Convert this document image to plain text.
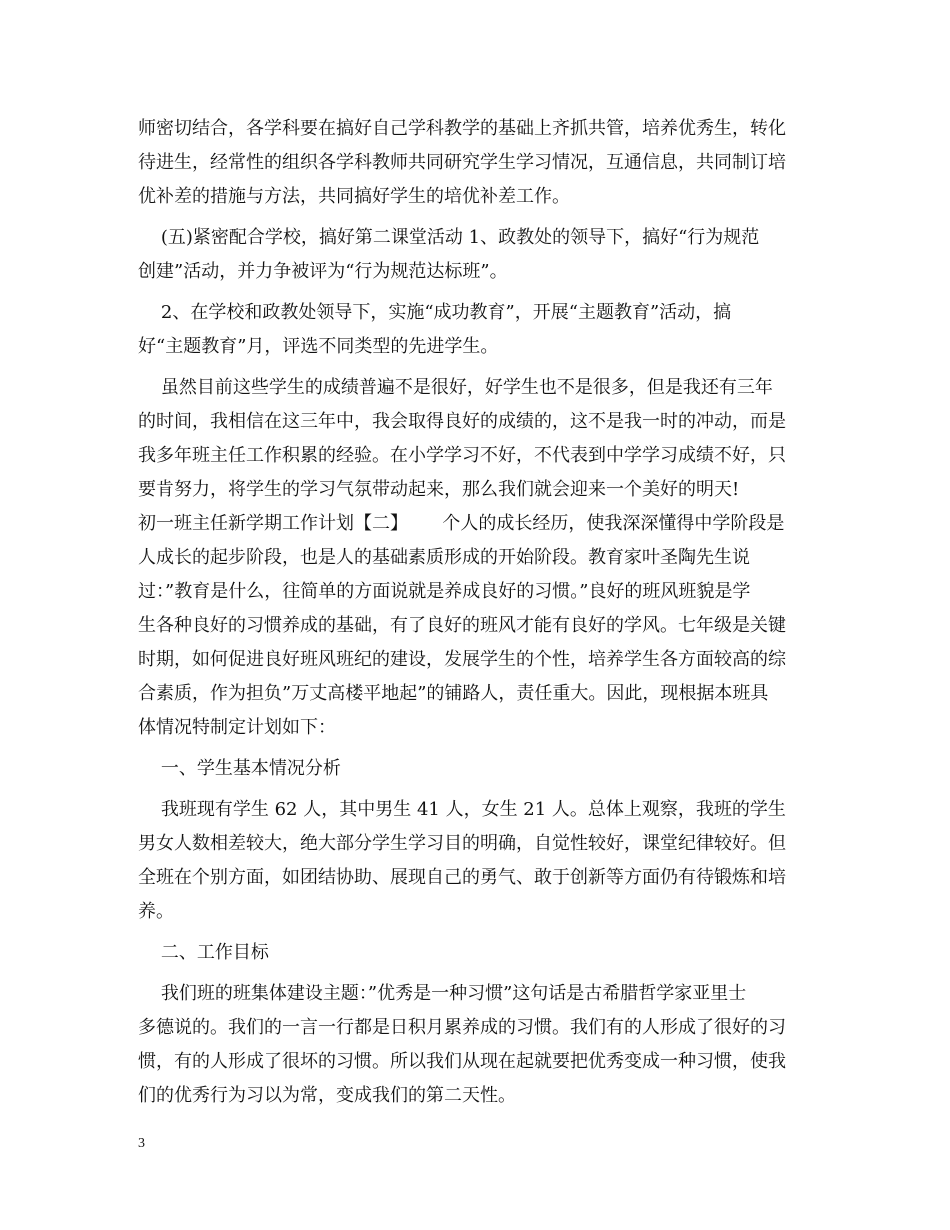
师密切结合，各学科要在搞好自己学科教学的基础上齐抓共管，培养优秀生，转化

待进生，经常性的组织各学科教师共同研究学生学习情况，互通信息，共同制订培

优补差的措施与方法，共同搞好学生的培优补差工作。

(五)紧密配合学校，搞好第二课堂活动 1、政教处的领导下，搞好“行为规范

创建”活动，并力争被评为“行为规范达标班”。

2、在学校和政教处领导下，实施“成功教育”，开展“主题教育”活动，搞

好“主题教育”月，评选不同类型的先进学生。

虽然目前这些学生的成绩普遍不是很好，好学生也不是很多，但是我还有三年

的时间，我相信在这三年中，我会取得良好的成绩的，这不是我一时的冲动，而是

我多年班主任工作积累的经验。在小学学习不好，不代表到中学学习成绩不好，只

要肯努力，将学生的学习气氛带动起来，那么我们就会迎来一个美好的明天!

初一班主任新学期工作计划【二】      个人的成长经历，使我深深懂得中学阶段是

人成长的起步阶段，也是人的基础素质形成的开始阶段。教育家叶圣陶先生说

过：”教育是什么，往简单的方面说就是养成良好的习惯。”良好的班风班貌是学

生各种良好的习惯养成的基础，有了良好的班风才能有良好的学风。七年级是关键

时期，如何促进良好班风班纪的建设，发展学生的个性，培养学生各方面较高的综

合素质，作为担负”万丈高楼平地起”的铺路人，责任重大。因此，现根据本班具

体情况特制定计划如下：

一、学生基本情况分析

我班现有学生 62 人，其中男生 41 人，女生 21 人。总体上观察，我班的学生

男女人数相差较大，绝大部分学生学习目的明确，自觉性较好，课堂纪律较好。但

全班在个别方面，如团结协助、展现自己的勇气、敢于创新等方面仍有待锻炼和培

养。

二、工作目标

我们班的班集体建设主题：”优秀是一种习惯”这句话是古希腊哲学家亚里士

多德说的。我们的一言一行都是日积月累养成的习惯。我们有的人形成了很好的习

惯，有的人形成了很坏的习惯。所以我们从现在起就要把优秀变成一种习惯，使我

们的优秀行为习以为常，变成我们的第二天性。

3
